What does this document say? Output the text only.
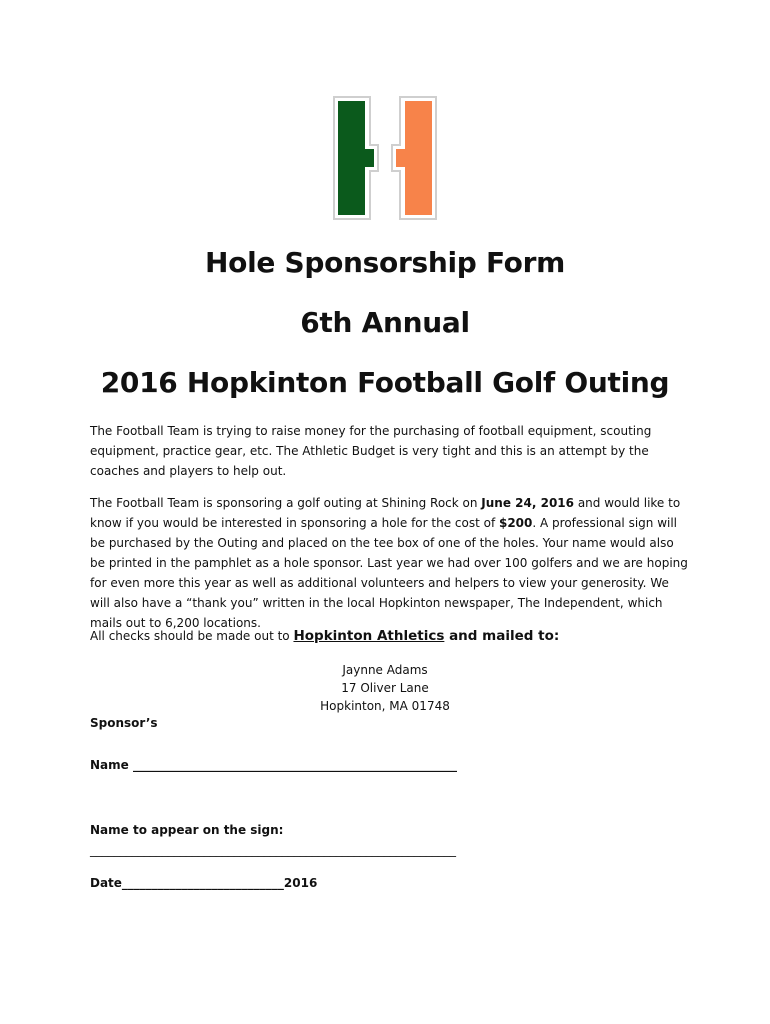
Hole Sponsorship Form
6th Annual
2016 Hopkinton Football Golf Outing
The Football Team is trying to raise money for the purchasing of football equipment, scouting equipment, practice gear, etc. The Athletic Budget is very tight and this is an attempt by the coaches and players to help out.
The Football Team is sponsoring a golf outing at Shining Rock on June 24, 2016 and would like to know if you would be interested in sponsoring a hole for the cost of $200. A professional sign will be purchased by the Outing and placed on the tee box of one of the holes. Your name would also be printed in the pamphlet as a hole sponsor. Last year we had over 100 golfers and we are hoping for even more this year as well as additional volunteers and helpers to view your generosity. We will also have a “thank you” written in the local Hopkinton newspaper, The Independent, which mails out to 6,200 locations.
All checks should be made out to Hopkinton Athletics and mailed to:
Jaynne Adams
17 Oliver Lane
Hopkinton, MA 01748
Sponsor’s
Name ______________________________________________________
Name to appear on the sign:
_____________________________________________________________
Date___________________________2016
